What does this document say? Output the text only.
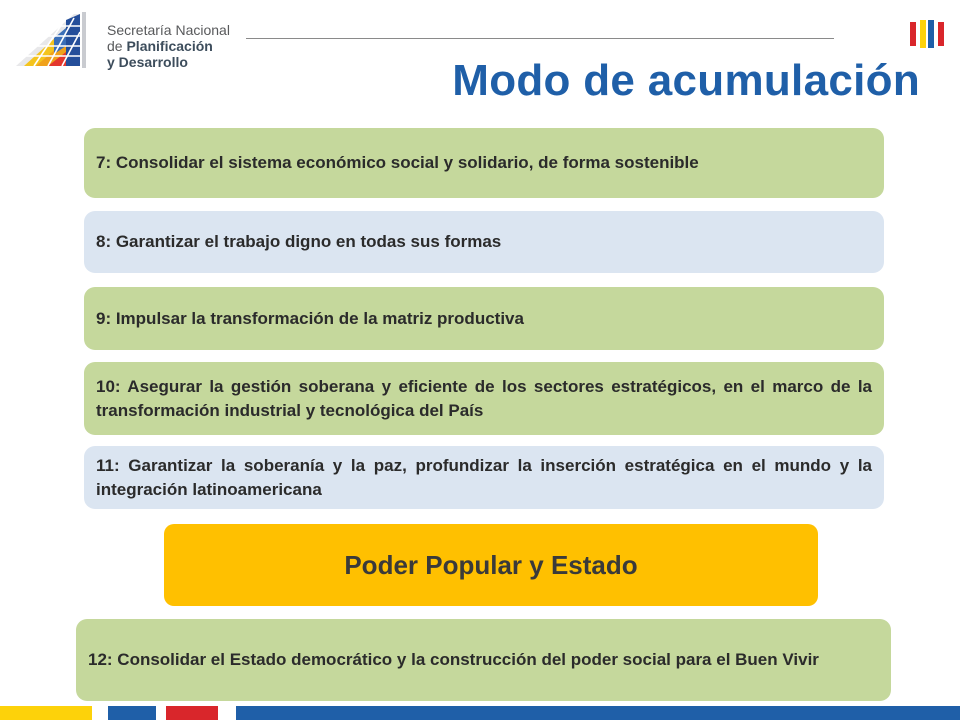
Secretaría Nacional
de Planificación
y Desarrollo	Modo de acumulación
7: Consolidar el sistema económico social y solidario, de forma sostenible
8: Garantizar el trabajo digno en todas sus formas
9: Impulsar la transformación de la matriz productiva
10: Asegurar la gestión soberana y eficiente de los sectores estratégicos, en el marco de la transformación industrial y tecnológica del País
11: Garantizar la soberanía y la paz, profundizar la inserción estratégica en el mundo y la integración latinoamericana
Poder Popular y Estado
12: Consolidar el Estado democrático y la construcción del poder social para el Buen Vivir
